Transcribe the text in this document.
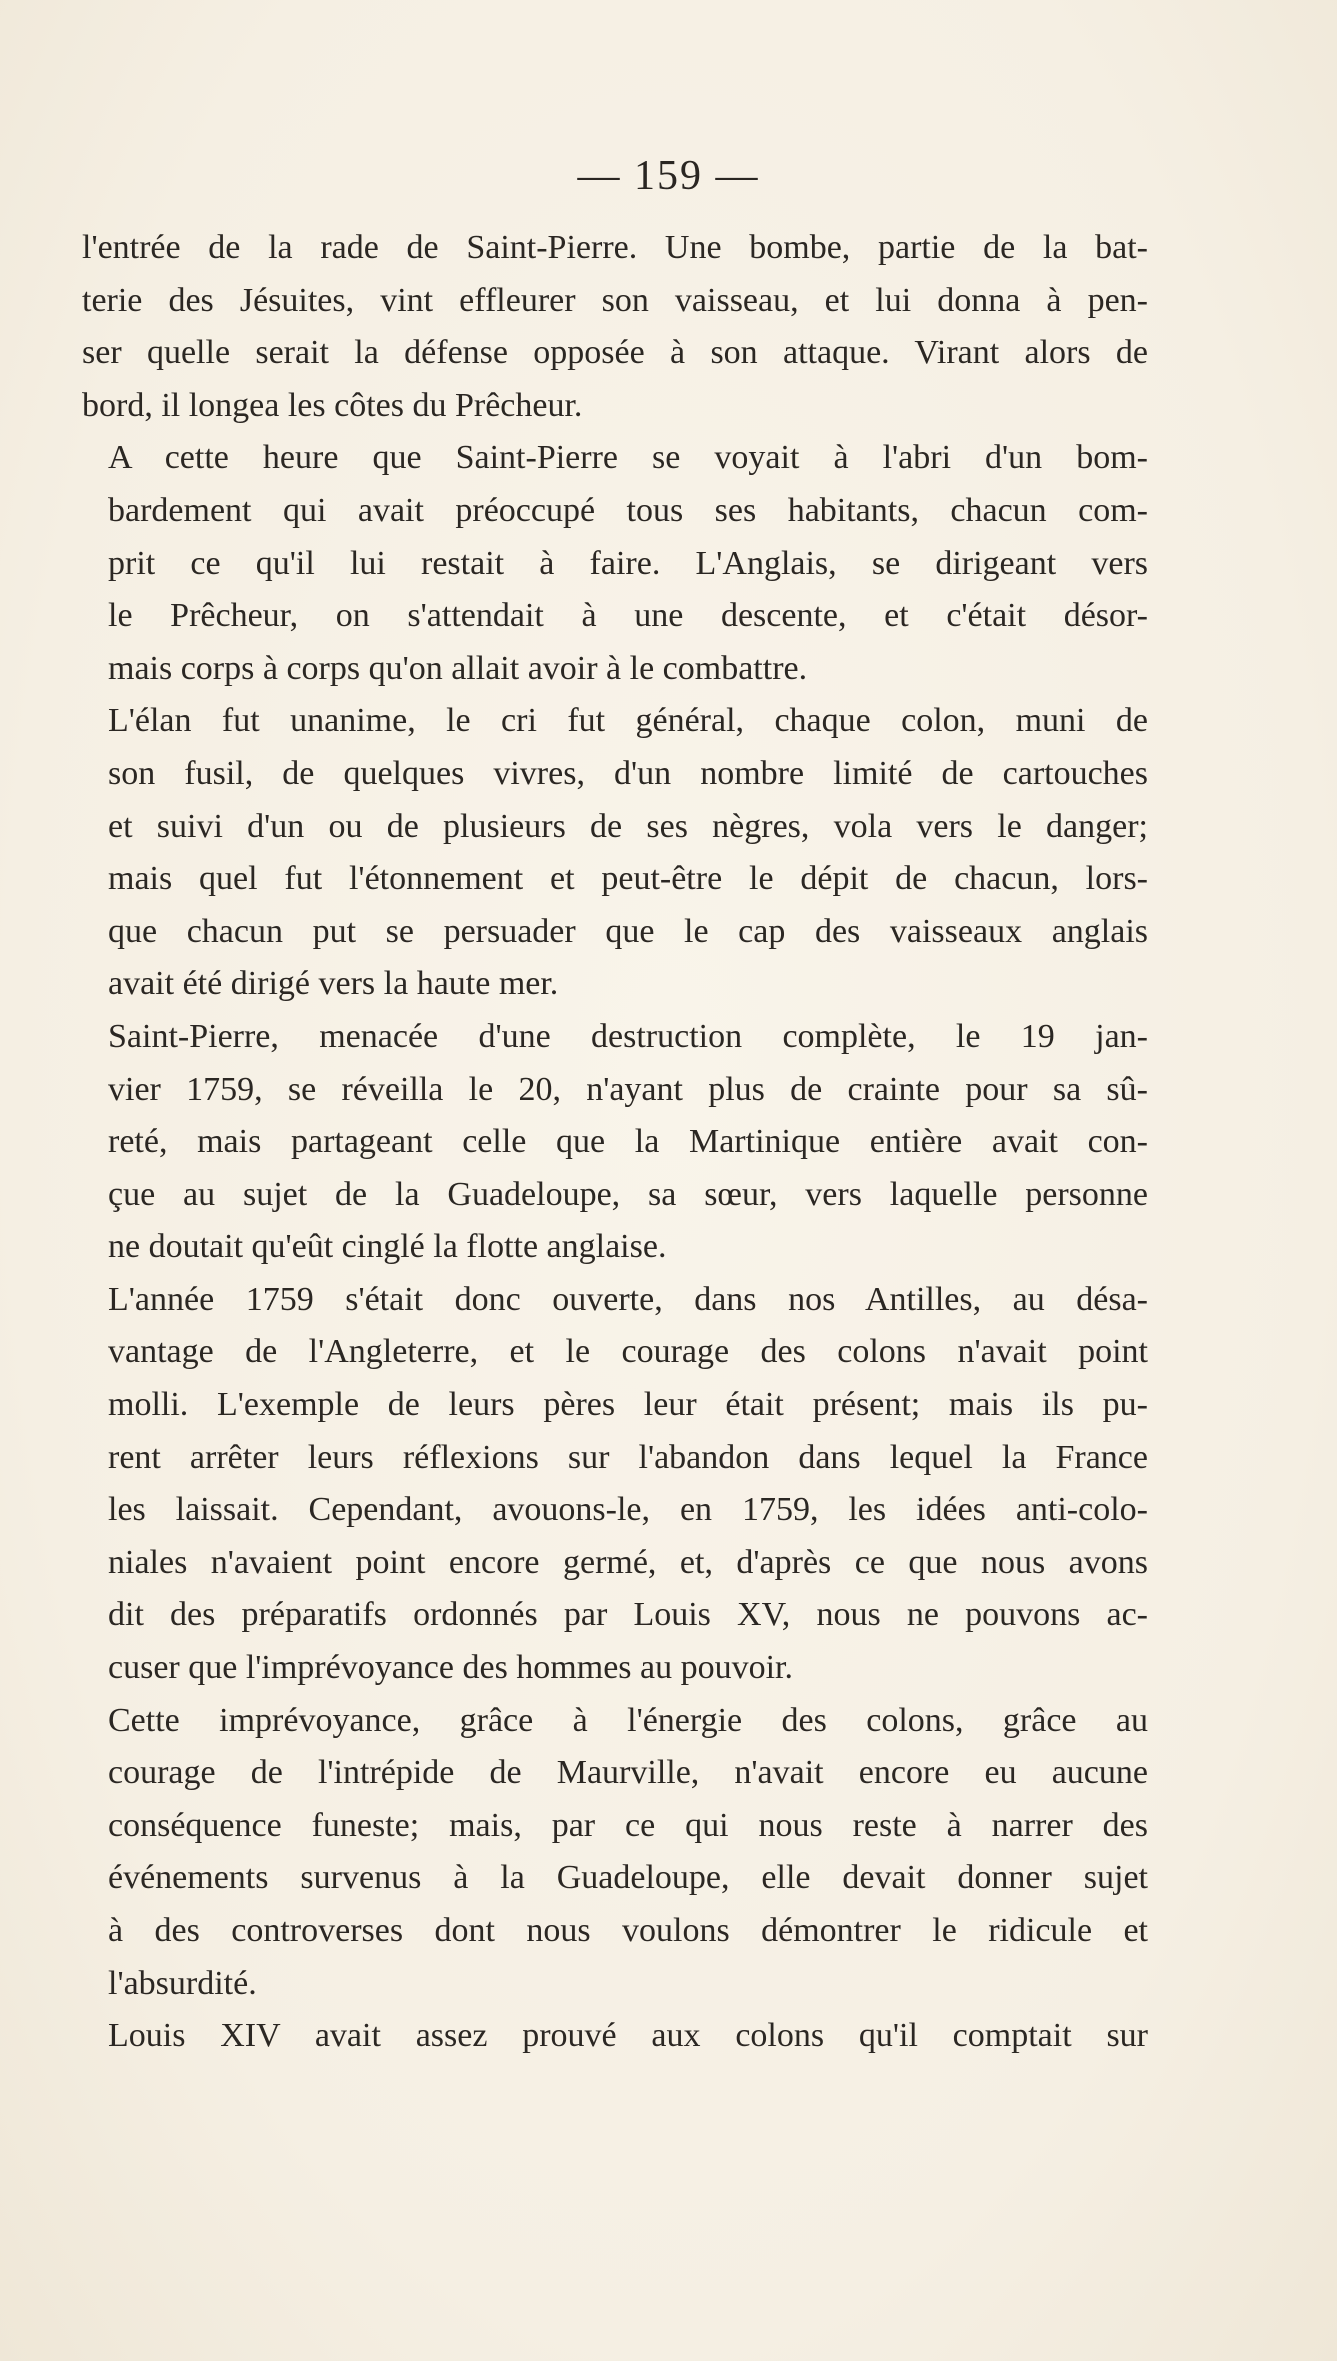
— 159 —
l'entrée de la rade de Saint-Pierre. Une bombe, partie de la bat-
terie des Jésuites, vint effleurer son vaisseau, et lui donna à pen-
ser quelle serait la défense opposée à son attaque. Virant alors de
bord, il longea les côtes du Prêcheur.
A cette heure que Saint-Pierre se voyait à l'abri d'un bom-
bardement qui avait préoccupé tous ses habitants, chacun com-
prit ce qu'il lui restait à faire. L'Anglais, se dirigeant vers
le Prêcheur, on s'attendait à une descente, et c'était désor-
mais corps à corps qu'on allait avoir à le combattre.
L'élan fut unanime, le cri fut général, chaque colon, muni de
son fusil, de quelques vivres, d'un nombre limité de cartouches
et suivi d'un ou de plusieurs de ses nègres, vola vers le danger;
mais quel fut l'étonnement et peut-être le dépit de chacun, lors-
que chacun put se persuader que le cap des vaisseaux anglais
avait été dirigé vers la haute mer.
Saint-Pierre, menacée d'une destruction complète, le 19 jan-
vier 1759, se réveilla le 20, n'ayant plus de crainte pour sa sû-
reté, mais partageant celle que la Martinique entière avait con-
çue au sujet de la Guadeloupe, sa sœur, vers laquelle personne
ne doutait qu'eût cinglé la flotte anglaise.
L'année 1759 s'était donc ouverte, dans nos Antilles, au désa-
vantage de l'Angleterre, et le courage des colons n'avait point
molli. L'exemple de leurs pères leur était présent; mais ils pu-
rent arrêter leurs réflexions sur l'abandon dans lequel la France
les laissait. Cependant, avouons-le, en 1759, les idées anti-colo-
niales n'avaient point encore germé, et, d'après ce que nous avons
dit des préparatifs ordonnés par Louis XV, nous ne pouvons ac-
cuser que l'imprévoyance des hommes au pouvoir.
Cette imprévoyance, grâce à l'énergie des colons, grâce au
courage de l'intrépide de Maurville, n'avait encore eu aucune
conséquence funeste; mais, par ce qui nous reste à narrer des
événements survenus à la Guadeloupe, elle devait donner sujet
à des controverses dont nous voulons démontrer le ridicule et
l'absurdité.
Louis XIV avait assez prouvé aux colons qu'il comptait sur
